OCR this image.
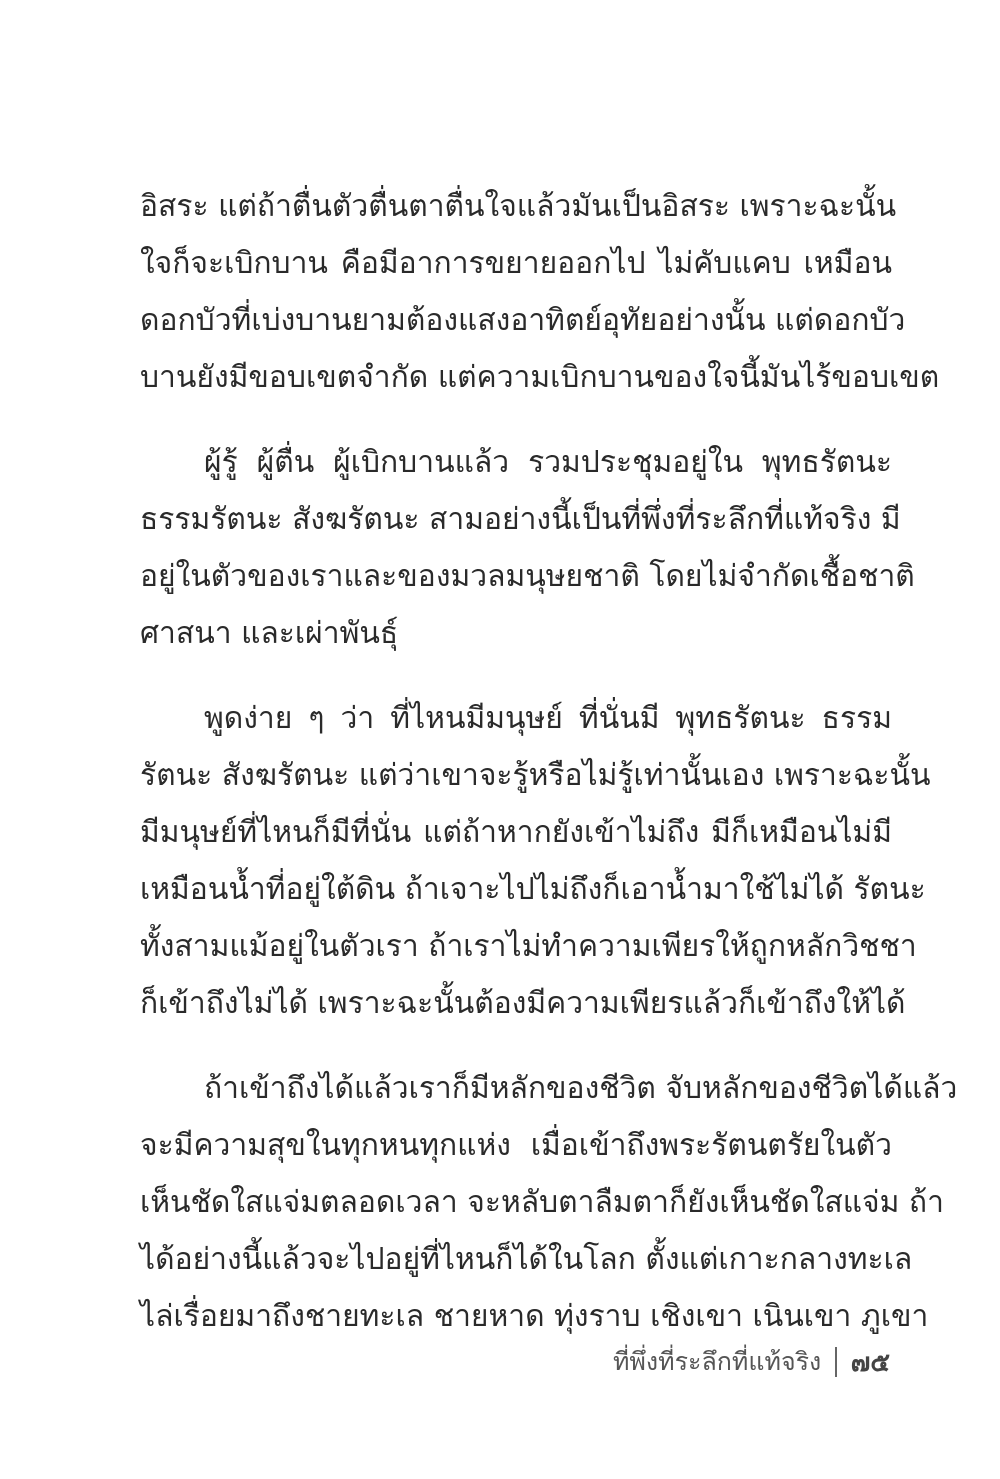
อิสระ แต่ถ้าตื่นตัวตื่นตาตื่นใจแล้วมันเป็นอิสระ เพราะฉะนั้น
ใจก็จะเบิกบาน คือมีอาการขยายออกไป ไม่คับแคบ เหมือน
ดอกบัวที่เบ่งบานยามต้องแสงอาทิตย์อุทัยอย่างนั้น แต่ดอกบัว
บานยังมีขอบเขตจำกัด แต่ความเบิกบานของใจนี้มันไร้ขอบเขต
ผู้รู้ ผู้ตื่น ผู้เบิกบานแล้ว รวมประชุมอยู่ใน พุทธรัตนะ
ธรรมรัตนะ สังฆรัตนะ สามอย่างนี้เป็นที่พึ่งที่ระลึกที่แท้จริง มี
อยู่ในตัวของเราและของมวลมนุษยชาติ โดยไม่จำกัดเชื้อชาติ
ศาสนา และเผ่าพันธุ์
พูดง่าย ๆ ว่า ที่ไหนมีมนุษย์ ที่นั่นมี พุทธรัตนะ ธรรม
รัตนะ สังฆรัตนะ แต่ว่าเขาจะรู้หรือไม่รู้เท่านั้นเอง เพราะฉะนั้น
มีมนุษย์ที่ไหนก็มีที่นั่น แต่ถ้าหากยังเข้าไม่ถึง มีก็เหมือนไม่มี
เหมือนน้ำที่อยู่ใต้ดิน ถ้าเจาะไปไม่ถึงก็เอาน้ำมาใช้ไม่ได้ รัตนะ
ทั้งสามแม้อยู่ในตัวเรา ถ้าเราไม่ทำความเพียรให้ถูกหลักวิชชา
ก็เข้าถึงไม่ได้ เพราะฉะนั้นต้องมีความเพียรแล้วก็เข้าถึงให้ได้
ถ้าเข้าถึงได้แล้วเราก็มีหลักของชีวิต จับหลักของชีวิตได้แล้ว
จะมีความสุขในทุกหนทุกแห่ง เมื่อเข้าถึงพระรัตนตรัยในตัว
เห็นชัดใสแจ่มตลอดเวลา จะหลับตาลืมตาก็ยังเห็นชัดใสแจ่ม ถ้า
ได้อย่างนี้แล้วจะไปอยู่ที่ไหนก็ได้ในโลก ตั้งแต่เกาะกลางทะเล
ไล่เรื่อยมาถึงชายทะเล ชายหาด ทุ่งราบ เชิงเขา เนินเขา ภูเขา
ที่พึ่งที่ระลึกที่แท้จริง ๗๕
